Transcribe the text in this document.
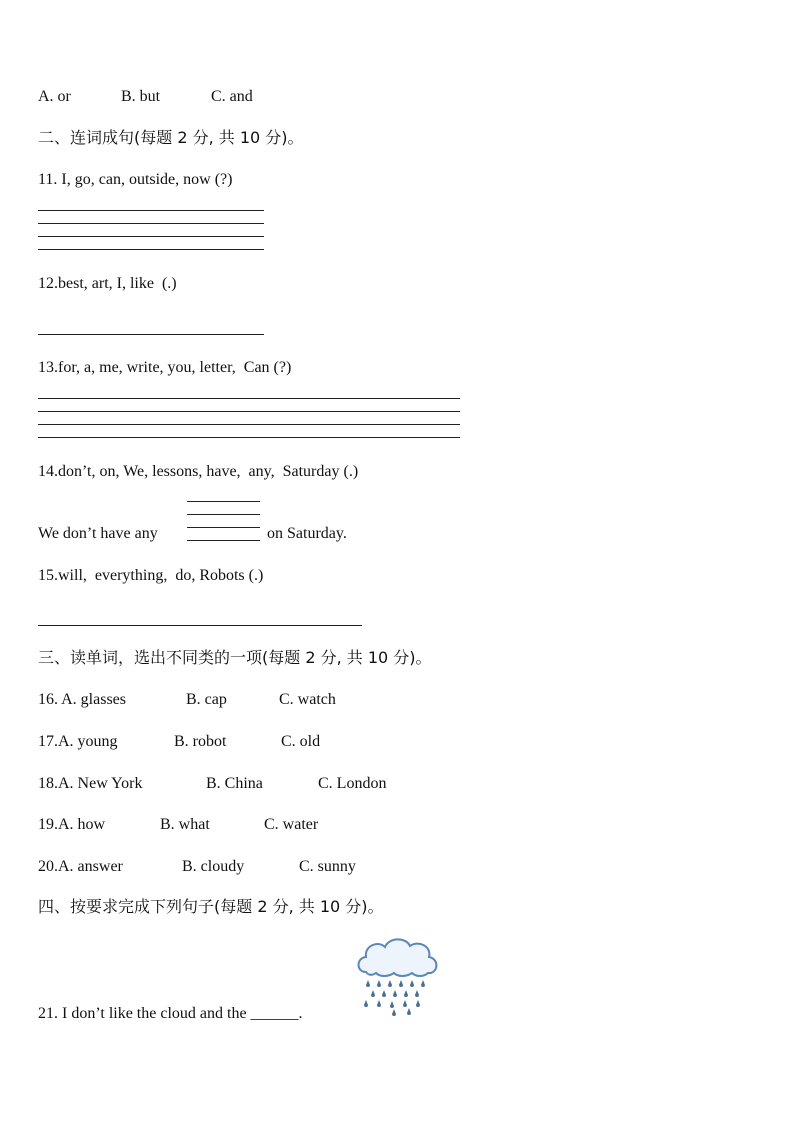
A. or	B. but	C. and
二、连词成句(每题 2 分, 共 10 分)。
11. I, go, can, outside, now (?)
12.best, art, I, like  (.)
13.for, a, me, write, you, letter,  Can (?)
14.don’t, on, We, lessons, have,  any,  Saturday (.)
We don’t have any	on Saturday.
15.will,  everything,  do, Robots (.)
三、读单词，选出不同类的一项(每题 2 分, 共 10 分)。
16. A. glasses	B. cap	C. watch
17.A. young	B. robot	C. old
18.A. New York	B. China	C. London
19.A. how	B. what	C. water
20.A. answer	B. cloudy	C. sunny
四、按要求完成下列句子(每题 2 分, 共 10 分)。
21. I don’t like the cloud and the ______.
